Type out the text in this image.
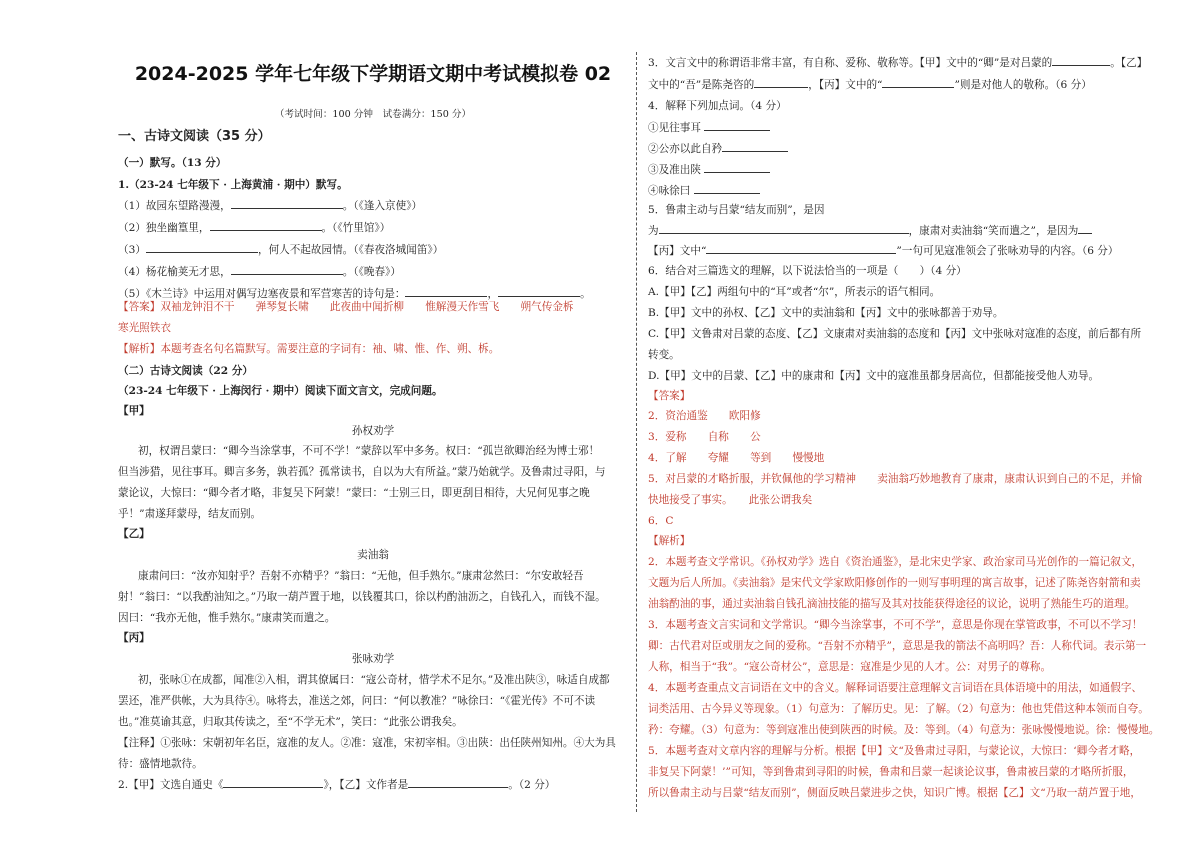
2024-2025 学年七年级下学期语文期中考试模拟卷 02
（考试时间：100 分钟　试卷满分：150 分）
一、古诗文阅读（35 分）
（一）默写。（13 分）
1.（23-24 七年级下 · 上海黄浦 · 期中）默写。
（1）故园东望路漫漫，	。（《逢入京使》）
（2）独坐幽篁里，	。（《竹里馆》）
（3）	，何人不起故园情。（《春夜洛城闻笛》）
（4）杨花榆荚无才思，	。（《晚春》）
（5）《木兰诗》中运用对偶写边塞夜景和军营寒苦的诗句是：	，	。
【答案】双袖龙钟泪不干　　弹琴复长啸　　此夜曲中闻折柳　　惟解漫天作雪飞　　朔气传金柝
寒光照铁衣
【解析】本题考查名句名篇默写。需要注意的字词有：袖、啸、惟、作、朔、柝。
（二）古诗文阅读（22 分）
（23-24 七年级下 · 上海闵行 · 期中）阅读下面文言文，完成问题。
【甲】
孙权劝学
初，权谓吕蒙曰：“卿今当涂掌事，不可不学！”蒙辞以军中多务。权曰：“孤岂欲卿治经为博士邪！
但当涉猎，见往事耳。卿言多务，孰若孤？孤常读书，自以为大有所益。”蒙乃始就学。及鲁肃过寻阳，与
蒙论议，大惊曰：“卿今者才略，非复吴下阿蒙！”蒙曰：“士别三日，即更刮目相待，大兄何见事之晚
乎！”肃遂拜蒙母，结友而别。
【乙】
卖油翁
康肃问曰：“汝亦知射乎？吾射不亦精乎？”翁曰：“无他，但手熟尔。”康肃忿然曰：“尔安敢轻吾
射！”翁曰：“以我酌油知之。”乃取一葫芦置于地，以钱覆其口，徐以杓酌油沥之，自钱孔入，而钱不湿。
因曰：“我亦无他，惟手熟尔。”康肃笑而遣之。
【丙】
张咏劝学
初，张咏①在成都，闻准②入相，谓其僚属曰：“寇公奇材，惜学术不足尔。”及准出陕③，咏适自成都
罢还，准严供帐，大为具待④。咏将去，准送之郊，问曰：“何以教准？”咏徐曰：“《霍光传》不可不读
也。”准莫谕其意，归取其传读之，至“不学无术”，笑曰：“此张公谓我矣。
【注释】①张咏：宋朝初年名臣，寇准的友人。②准：寇准，宋初宰相。③出陕：出任陕州知州。④大为具
待：盛情地款待。
2.【甲】文选自通史《	》，【乙】文作者是	。（2 分）
3．文言文中的称谓语非常丰富，有自称、爱称、敬称等。【甲】文中的“卿”是对吕蒙的	。【乙】
文中的“吾”是陈尧咨的	，【丙】文中的“	”则是对他人的敬称。（6 分）
4．解释下列加点词。（4 分）
①见往事耳
②公亦以此自矜
③及准出陕
④咏徐曰
5．鲁肃主动与吕蒙“结友而别”，是因
为	，康肃对卖油翁“笑而遣之”，是因为
【丙】文中“	”一句可见寇准领会了张咏劝导的内容。（6 分）
6．结合对三篇选文的理解，以下说法恰当的一项是（　　）（4 分）
A.【甲】【乙】两组句中的“耳”或者“尔”，所表示的语气相同。
B.【甲】文中的孙权、【乙】文中的卖油翁和【丙】文中的张咏都善于劝导。
C.【甲】文鲁肃对吕蒙的态度、【乙】文康肃对卖油翁的态度和【丙】文中张咏对寇准的态度，前后都有所
转变。
D.【甲】文中的吕蒙、【乙】中的康肃和【丙】文中的寇准虽都身居高位，但都能接受他人劝导。
【答案】
2．资治通鉴　　欧阳修
3．爱称　　自称　　公
4．了解　　夸耀　　等到　　慢慢地
5．对吕蒙的才略折服，并钦佩他的学习精神　　卖油翁巧妙地教育了康肃，康肃认识到自己的不足，并愉
快地接受了事实。　　此张公谓我矣
6．C
【解析】
2．本题考查文学常识。《孙权劝学》选自《资治通鉴》，是北宋史学家、政治家司马光创作的一篇记叙文，
文题为后人所加。《卖油翁》是宋代文学家欧阳修创作的一则写事明理的寓言故事，记述了陈尧咨射箭和卖
油翁酌油的事，通过卖油翁自钱孔滴油技能的描写及其对技能获得途径的议论，说明了熟能生巧的道理。
3．本题考查文言实词和文学常识。“卿今当涂掌事，不可不学”，意思是你现在掌管政事，不可以不学习！
卿：古代君对臣或朋友之间的爱称。“吾射不亦精乎”，意思是我的箭法不高明吗？吾：人称代词。表示第一
人称，相当于“我”。“寇公奇材公”，意思是：寇准是少见的人才。公：对男子的尊称。
4．本题考查重点文言词语在文中的含义。解释词语要注意理解文言词语在具体语境中的用法，如通假字、
词类活用、古今异义等现象。（1）句意为：了解历史。见：了解。（2）句意为：他也凭借这种本领而自夸。
矜：夸耀。（3）句意为：等到寇准出使到陕西的时候。及：等到。（4）句意为：张咏慢慢地说。徐：慢慢地。
5．本题考查对文章内容的理解与分析。根据【甲】文“及鲁肃过寻阳，与蒙论议，大惊曰：‘卿今者才略，
非复吴下阿蒙！’”可知，等到鲁肃到寻阳的时候，鲁肃和吕蒙一起谈论议事，鲁肃被吕蒙的才略所折服，
所以鲁肃主动与吕蒙“结友而别”，侧面反映吕蒙进步之快，知识广博。根据【乙】文“乃取一葫芦置于地，
